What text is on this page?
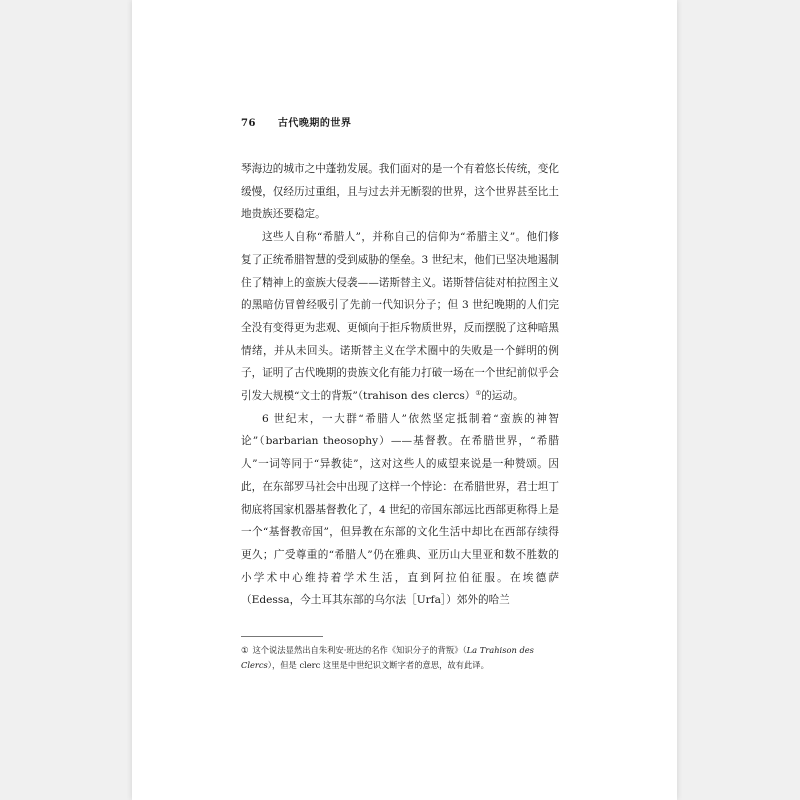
76 古代晚期的世界

琴海边的城市之中蓬勃发展。我们面对的是一个有着悠长传统，变化缓慢，仅经历过重组，且与过去并无断裂的世界，这个世界甚至比土地贵族还要稳定。

这些人自称“希腊人”，并称自己的信仰为“希腊主义”。他们修复了正统希腊智慧的受到威胁的堡垒。3 世纪末，他们已坚决地遏制住了精神上的蛮族大侵袭——诺斯替主义。诺斯替信徒对柏拉图主义的黑暗仿冒曾经吸引了先前一代知识分子；但 3 世纪晚期的人们完全没有变得更为悲观、更倾向于拒斥物质世界，反而摆脱了这种暗黑情绪，并从未回头。诺斯替主义在学术圈中的失败是一个鲜明的例子，证明了古代晚期的贵族文化有能力打破一场在一个世纪前似乎会引发大规模“文士的背叛”（trahison des clercs）①的运动。

6 世纪末，一大群“希腊人”依然坚定抵制着“蛮族的神智论”（barbarian theosophy）——基督教。在希腊世界，“希腊人”一词等同于“异教徒”，这对这些人的威望来说是一种赞颂。因此，在东部罗马社会中出现了这样一个悖论：在希腊世界，君士坦丁彻底将国家机器基督教化了，4 世纪的帝国东部远比西部更称得上是一个“基督教帝国”，但异教在东部的文化生活中却比在西部存续得更久；广受尊重的“希腊人”仍在雅典、亚历山大里亚和数不胜数的小学术中心维持着学术生活，直到阿拉伯征服。在埃德萨（Edessa，今土耳其东部的乌尔法［Urfa］）郊外的哈兰

① 这个说法显然出自朱利安·班达的名作《知识分子的背叛》（La Trahison des Clercs），但是 clerc 这里是中世纪识文断字者的意思，故有此译。
